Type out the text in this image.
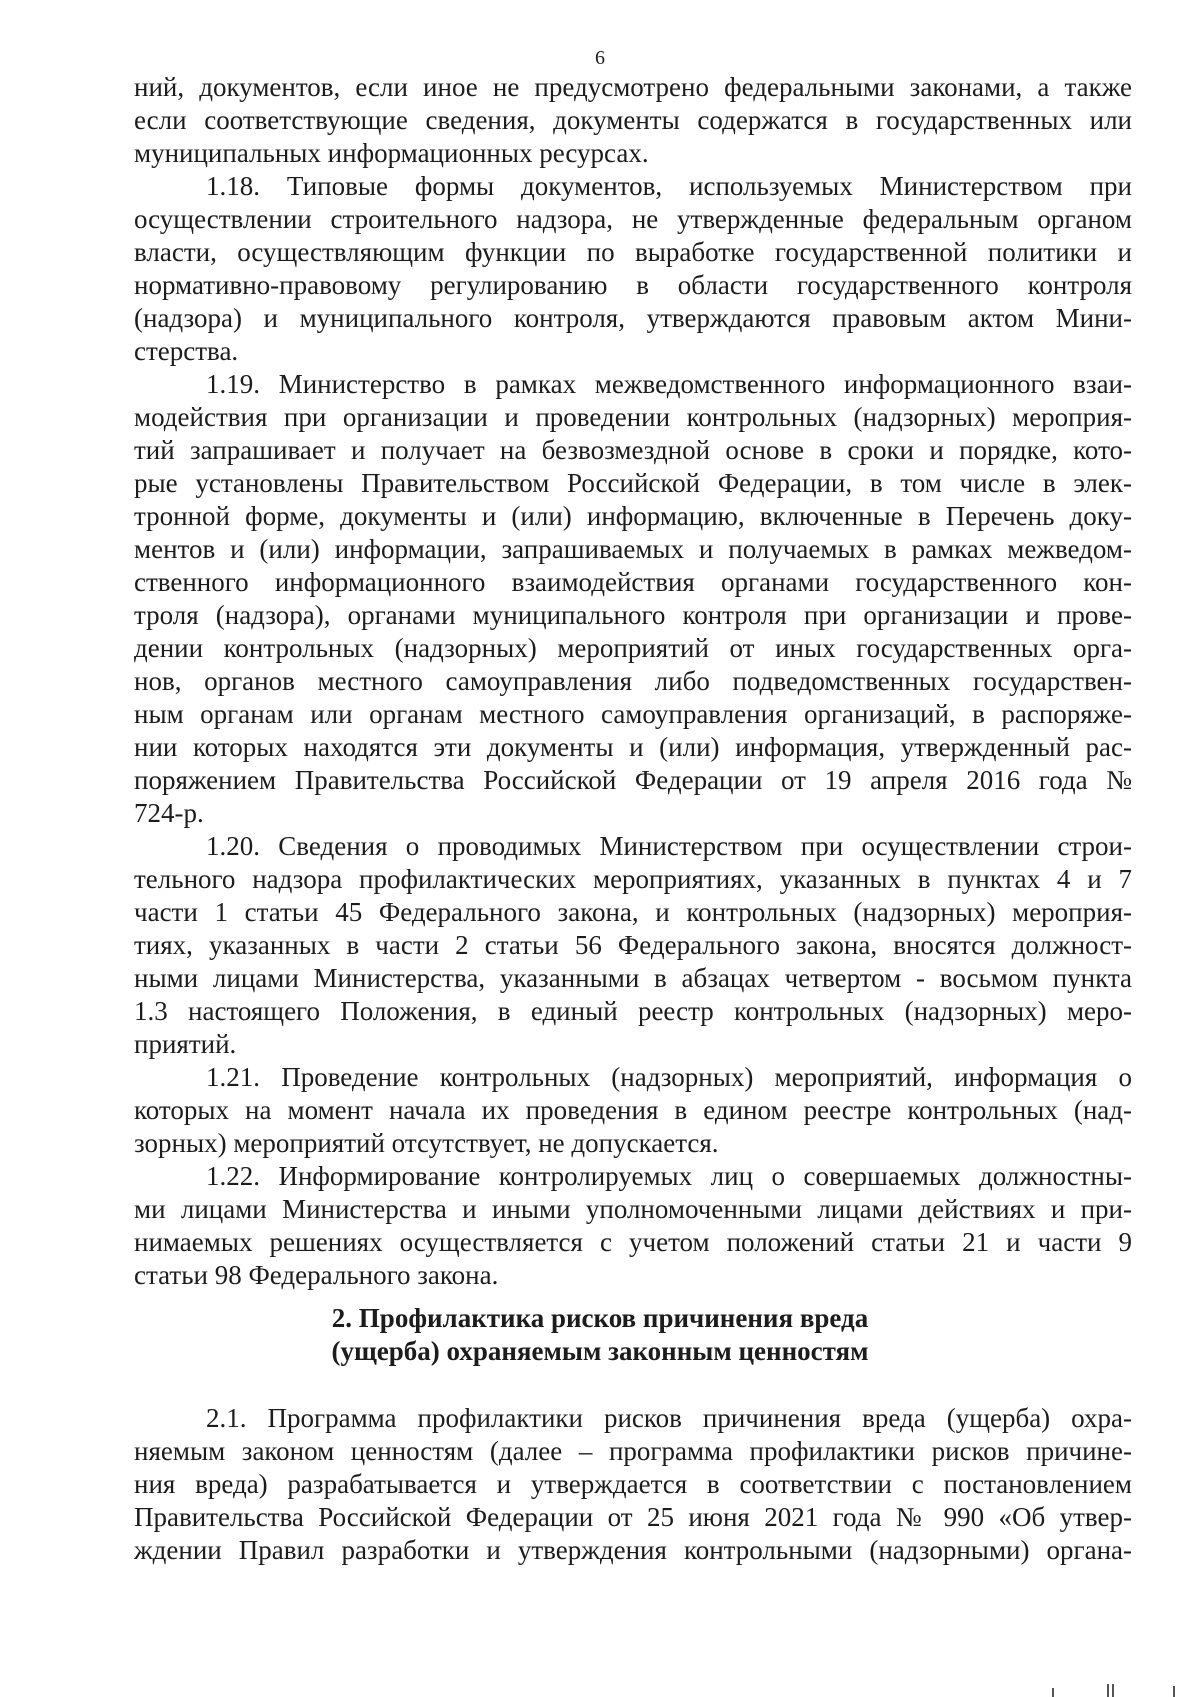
6
ний, документов, если иное не предусмотрено федеральными законами, а также
если соответствующие сведения, документы содержатся в государственных или
муниципальных информационных ресурсах.
1.18. Типовые формы документов, используемых Министерством при
осуществлении строительного надзора, не утвержденные федеральным органом
власти, осуществляющим функции по выработке государственной политики и
нормативно-правовому регулированию в области государственного контроля
(надзора) и муниципального контроля, утверждаются правовым актом Мини-
стерства.
1.19. Министерство в рамках межведомственного информационного взаи-
модействия при организации и проведении контрольных (надзорных) мероприя-
тий запрашивает и получает на безвозмездной основе в сроки и порядке, кото-
рые установлены Правительством Российской Федерации, в том числе в элек-
тронной форме, документы и (или) информацию, включенные в Перечень доку-
ментов и (или) информации, запрашиваемых и получаемых в рамках межведом-
ственного информационного взаимодействия органами государственного кон-
троля (надзора), органами муниципального контроля при организации и прове-
дении контрольных (надзорных) мероприятий от иных государственных орга-
нов, органов местного самоуправления либо подведомственных государствен-
ным органам или органам местного самоуправления организаций, в распоряже-
нии которых находятся эти документы и (или) информация, утвержденный рас-
поряжением Правительства Российской Федерации от 19 апреля 2016 года №
724-р.
1.20. Сведения о проводимых Министерством при осуществлении строи-
тельного надзора профилактических мероприятиях, указанных в пунктах 4 и 7
части 1 статьи 45 Федерального закона, и контрольных (надзорных) мероприя-
тиях, указанных в части 2 статьи 56 Федерального закона, вносятся должност-
ными лицами Министерства, указанными в абзацах четвертом - восьмом пункта
1.3 настоящего Положения, в единый реестр контрольных (надзорных) меро-
приятий.
1.21. Проведение контрольных (надзорных) мероприятий, информация о
которых на момент начала их проведения в едином реестре контрольных (над-
зорных) мероприятий отсутствует, не допускается.
1.22. Информирование контролируемых лиц о совершаемых должностны-
ми лицами Министерства и иными уполномоченными лицами действиях и при-
нимаемых решениях осуществляется с учетом положений статьи 21 и части 9
статьи 98 Федерального закона.
2. Профилактика рисков причинения вреда
(ущерба) охраняемым законным ценностям
2.1. Программа профилактики рисков причинения вреда (ущерба) охра-
няемым законом ценностям (далее – программа профилактики рисков причине-
ния вреда) разрабатывается и утверждается в соответствии с постановлением
Правительства Российской Федерации от 25 июня 2021 года № 990 «Об утвер-
ждении Правил разработки и утверждения контрольными (надзорными) органа-
